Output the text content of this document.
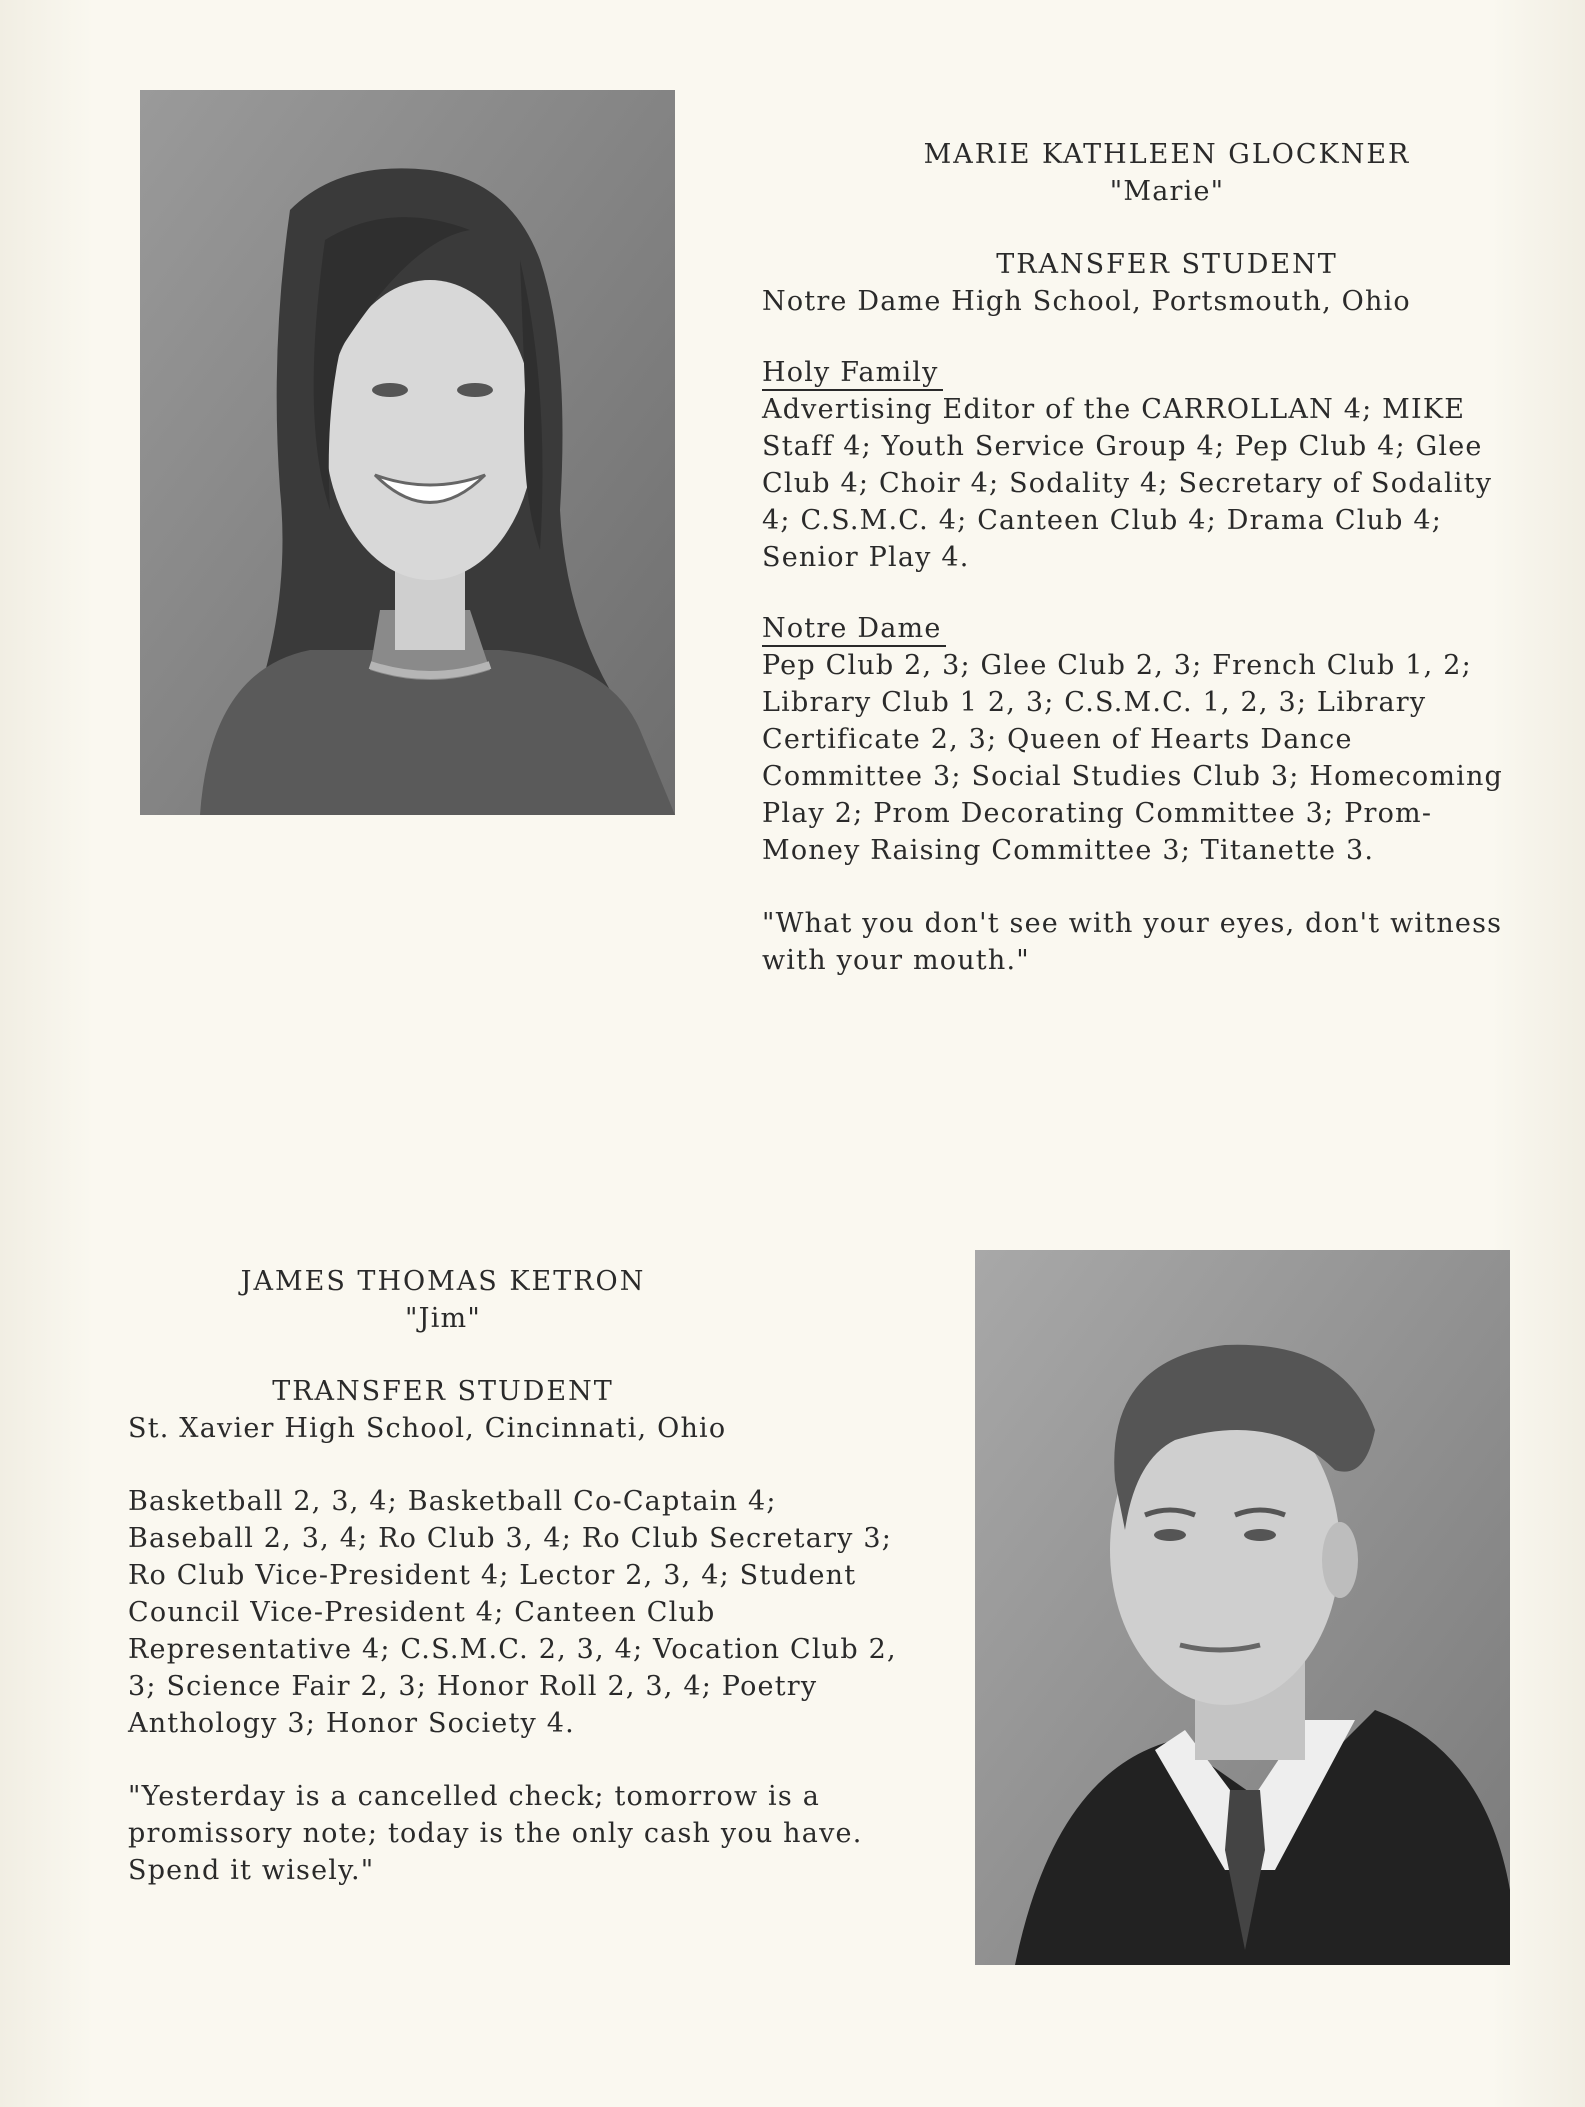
MARIE KATHLEEN GLOCKNER
"Marie"
TRANSFER STUDENT
Notre Dame High School, Portsmouth, Ohio
Holy Family
Advertising Editor of the CARROLLAN 4; MIKE Staff 4; Youth Service Group 4; Pep Club 4; Glee Club 4; Choir 4; Sodality 4; Secretary of Sodality 4; C.S.M.C. 4; Canteen Club 4; Drama Club 4; Senior Play 4.
Notre Dame
Pep Club 2, 3; Glee Club 2, 3; French Club 1, 2; Library Club 1 2, 3; C.S.M.C. 1, 2, 3; Library Certificate 2, 3; Queen of Hearts Dance Committee 3; Social Studies Club 3; Homecoming Play 2; Prom Decorating Committee 3; Prom-Money Raising Committee 3; Titanette 3.
"What you don't see with your eyes, don't witness with your mouth."
JAMES THOMAS KETRON
"Jim"
TRANSFER STUDENT
St. Xavier High School, Cincinnati, Ohio
Basketball 2, 3, 4; Basketball Co-Captain 4; Baseball 2, 3, 4; Ro Club 3, 4; Ro Club Secretary 3; Ro Club Vice-President 4; Lector 2, 3, 4; Student Council Vice-President 4; Canteen Club Representative 4; C.S.M.C. 2, 3, 4; Vocation Club 2, 3; Science Fair 2, 3; Honor Roll 2, 3, 4; Poetry Anthology 3; Honor Society 4.
"Yesterday is a cancelled check; tomorrow is a promissory note; today is the only cash you have. Spend it wisely."
